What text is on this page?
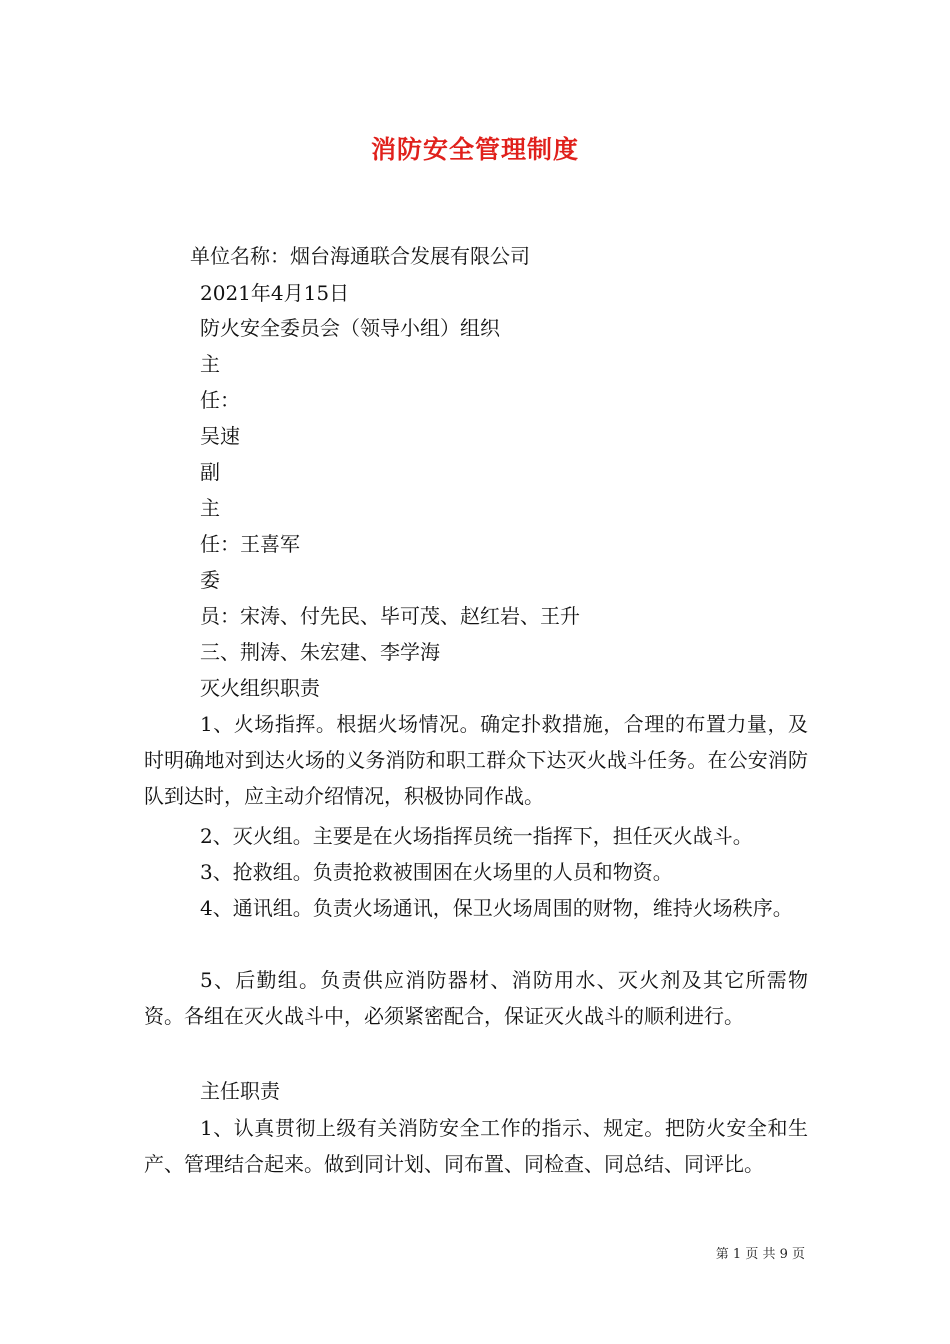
消防安全管理制度
单位名称：烟台海通联合发展有限公司
2021年4月15日
防火安全委员会（领导小组）组织
主
任：
吴速
副
主
任：王喜军
委
员：宋涛、付先民、毕可茂、赵红岩、王升
三、荆涛、朱宏建、李学海
灭火组织职责
1、火场指挥。根据火场情况。确定扑救措施，合理的布置力量，及时明确地对到达火场的义务消防和职工群众下达灭火战斗任务。在公安消防队到达时，应主动介绍情况，积极协同作战。
2、灭火组。主要是在火场指挥员统一指挥下，担任灭火战斗。
3、抢救组。负责抢救被围困在火场里的人员和物资。
4、通讯组。负责火场通讯，保卫火场周围的财物，维持火场秩序。
5、后勤组。负责供应消防器材、消防用水、灭火剂及其它所需物资。各组在灭火战斗中，必须紧密配合，保证灭火战斗的顺利进行。
主任职责
1、认真贯彻上级有关消防安全工作的指示、规定。把防火安全和生产、管理结合起来。做到同计划、同布置、同检查、同总结、同评比。
第 1 页 共 9 页
